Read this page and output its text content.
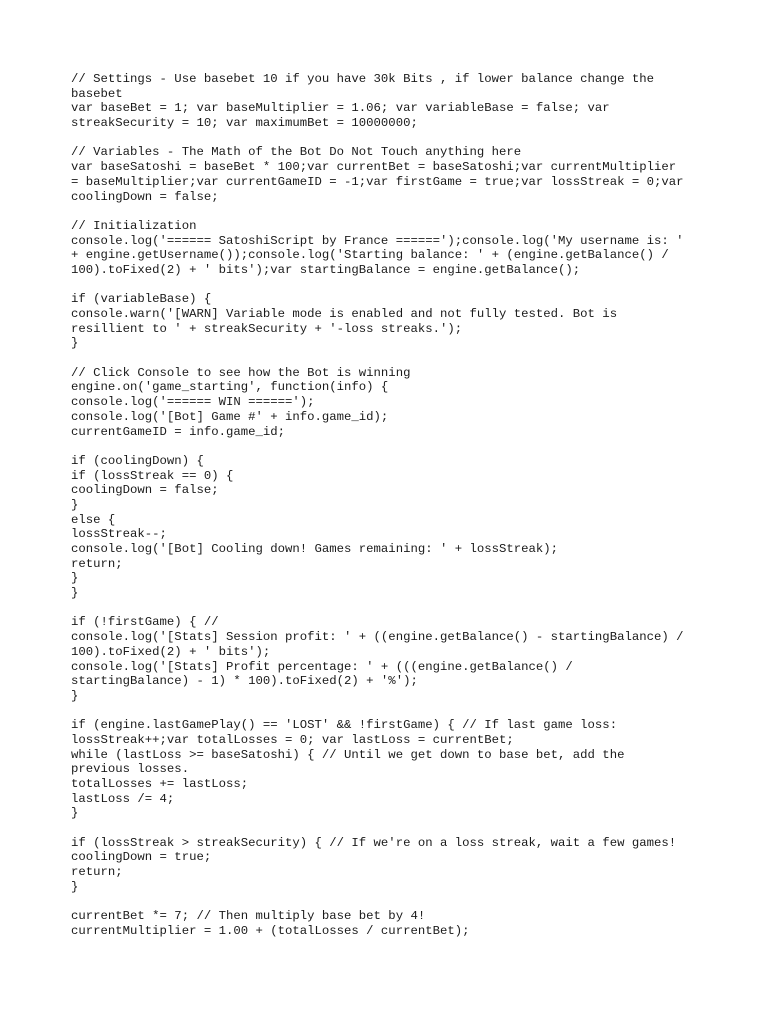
// Settings - Use basebet 10 if you have 30k Bits , if lower balance change the
basebet
var baseBet = 1; var baseMultiplier = 1.06; var variableBase = false; var
streakSecurity = 10; var maximumBet = 10000000;
// Variables - The Math of the Bot Do Not Touch anything here
var baseSatoshi = baseBet * 100;var currentBet = baseSatoshi;var currentMultiplier
= baseMultiplier;var currentGameID = -1;var firstGame = true;var lossStreak = 0;var
coolingDown = false;
// Initialization
console.log('====== SatoshiScript by France ======');console.log('My username is: '
+ engine.getUsername());console.log('Starting balance: ' + (engine.getBalance() /
100).toFixed(2) + ' bits');var startingBalance = engine.getBalance();
if (variableBase) {
console.warn('[WARN] Variable mode is enabled and not fully tested. Bot is
resillient to ' + streakSecurity + '-loss streaks.');
}
// Click Console to see how the Bot is winning
engine.on('game_starting', function(info) {
console.log('====== WIN ======');
console.log('[Bot] Game #' + info.game_id);
currentGameID = info.game_id;
if (coolingDown) {
if (lossStreak == 0) {
coolingDown = false;
}
else {
lossStreak--;
console.log('[Bot] Cooling down! Games remaining: ' + lossStreak);
return;
}
}
if (!firstGame) { //
console.log('[Stats] Session profit: ' + ((engine.getBalance() - startingBalance) /
100).toFixed(2) + ' bits');
console.log('[Stats] Profit percentage: ' + (((engine.getBalance() /
startingBalance) - 1) * 100).toFixed(2) + '%');
}
if (engine.lastGamePlay() == 'LOST' && !firstGame) { // If last game loss:
lossStreak++;var totalLosses = 0; var lastLoss = currentBet;
while (lastLoss >= baseSatoshi) { // Until we get down to base bet, add the
previous losses.
totalLosses += lastLoss;
lastLoss /= 4;
}
if (lossStreak > streakSecurity) { // If we're on a loss streak, wait a few games!
coolingDown = true;
return;
}
currentBet *= 7; // Then multiply base bet by 4!
currentMultiplier = 1.00 + (totalLosses / currentBet);
